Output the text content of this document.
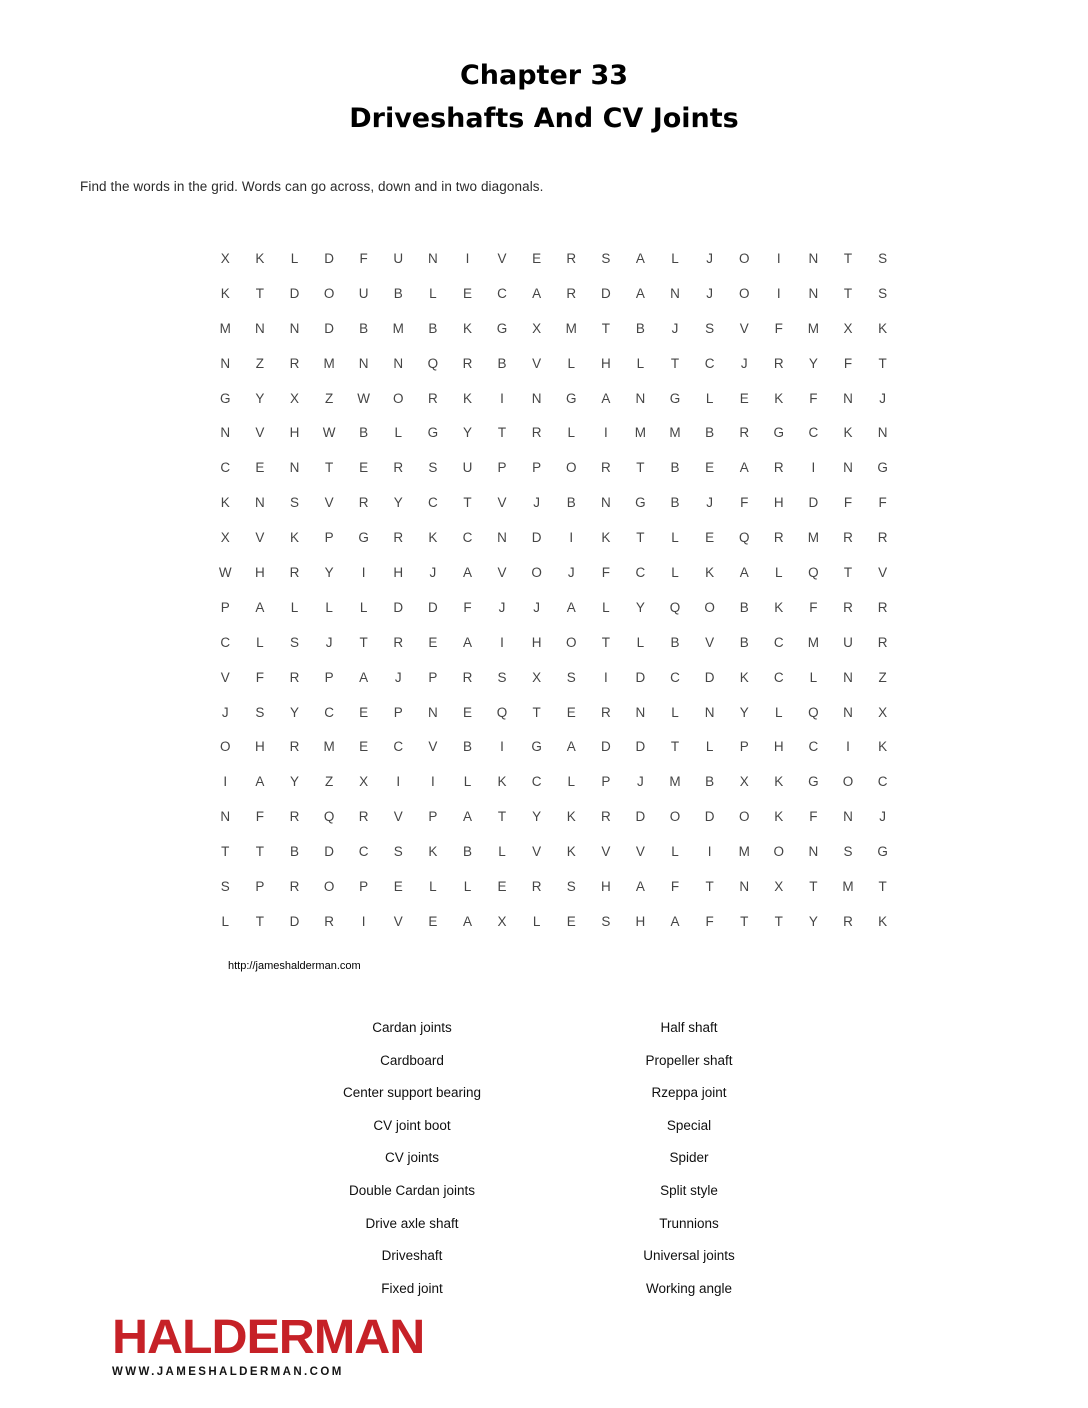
Chapter 33
Driveshafts And CV Joints
Find the words in the grid. Words can go across, down and in two diagonals.
X	K	L	D	F	U	N	I	V	E	R	S	A	L	J	O	I	N	T	S
K	T	D	O	U	B	L	E	C	A	R	D	A	N	J	O	I	N	T	S
M	N	N	D	B	M	B	K	G	X	M	T	B	J	S	V	F	M	X	K
N	Z	R	M	N	N	Q	R	B	V	L	H	L	T	C	J	R	Y	F	T
G	Y	X	Z	W	O	R	K	I	N	G	A	N	G	L	E	K	F	N	J
N	V	H	W	B	L	G	Y	T	R	L	I	M	M	B	R	G	C	K	N
C	E	N	T	E	R	S	U	P	P	O	R	T	B	E	A	R	I	N	G
K	N	S	V	R	Y	C	T	V	J	B	N	G	B	J	F	H	D	F	F
X	V	K	P	G	R	K	C	N	D	I	K	T	L	E	Q	R	M	R	R
W	H	R	Y	I	H	J	A	V	O	J	F	C	L	K	A	L	Q	T	V
P	A	L	L	L	D	D	F	J	J	A	L	Y	Q	O	B	K	F	R	R
C	L	S	J	T	R	E	A	I	H	O	T	L	B	V	B	C	M	U	R
V	F	R	P	A	J	P	R	S	X	S	I	D	C	D	K	C	L	N	Z
J	S	Y	C	E	P	N	E	Q	T	E	R	N	L	N	Y	L	Q	N	X
O	H	R	M	E	C	V	B	I	G	A	D	D	T	L	P	H	C	I	K
I	A	Y	Z	X	I	I	L	K	C	L	P	J	M	B	X	K	G	O	C
N	F	R	Q	R	V	P	A	T	Y	K	R	D	O	D	O	K	F	N	J
T	T	B	D	C	S	K	B	L	V	K	V	V	L	I	M	O	N	S	G
S	P	R	O	P	E	L	L	E	R	S	H	A	F	T	N	X	T	M	T
L	T	D	R	I	V	E	A	X	L	E	S	H	A	F	T	T	Y	R	K
http://jameshalderman.com
Cardan joints
Cardboard
Center support bearing
CV joint boot
CV joints
Double Cardan joints
Drive axle shaft
Driveshaft
Fixed joint
Half shaft
Propeller shaft
Rzeppa joint
Special
Spider
Split style
Trunnions
Universal joints
Working angle
HALDERMAN
WWW.JAMESHALDERMAN.COM
